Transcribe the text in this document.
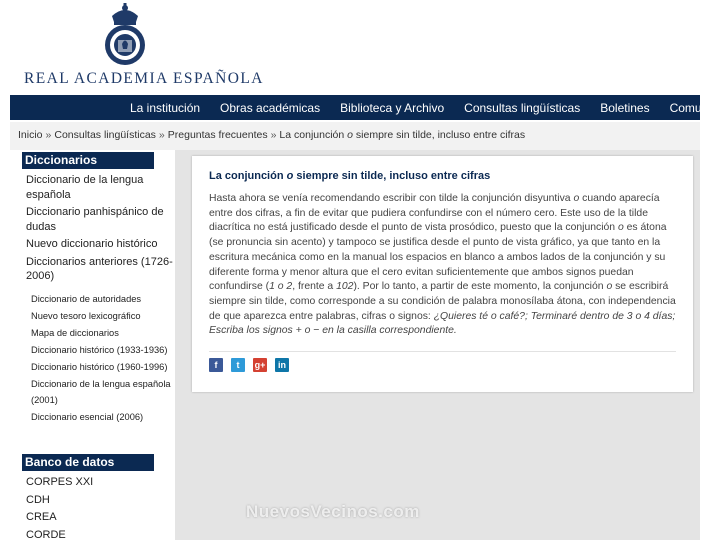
REAL ACADEMIA ESPAÑOLA
La institución	Obras académicas	Biblioteca y Archivo	Consultas lingüísticas	Boletines	Comunic
Inicio » Consultas lingüísticas » Preguntas frecuentes » La conjunción o siempre sin tilde, incluso entre cifras
Diccionarios
Diccionario de la lengua española
Diccionario panhispánico de dudas
Nuevo diccionario histórico
Diccionarios anteriores (1726-2006)
Diccionario de autoridades
Nuevo tesoro lexicográfico
Mapa de diccionarios
Diccionario histórico (1933-1936)
Diccionario histórico (1960-1996)
Diccionario de la lengua española (2001)
Diccionario esencial (2006)
Banco de datos
CORPES XXI
CDH
CREA
CORDE
La conjunción o siempre sin tilde, incluso entre cifras
Hasta ahora se venía recomendando escribir con tilde la conjunción disyuntiva o cuando aparecía entre dos cifras, a fin de evitar que pudiera confundirse con el número cero. Este uso de la tilde diacrítica no está justificado desde el punto de vista prosódico, puesto que la conjunción o es átona (se pronuncia sin acento) y tampoco se justifica desde el punto de vista gráfico, ya que tanto en la escritura mecánica como en la manual los espacios en blanco a ambos lados de la conjunción y su diferente forma y menor altura que el cero evitan suficientemente que ambos signos puedan confundirse (1 o 2, frente a 102). Por lo tanto, a partir de este momento, la conjunción o se escribirá siempre sin tilde, como corresponde a su condición de palabra monosílaba átona, con independencia de que aparezca entre palabras, cifras o signos: ¿Quieres té o café?; Terminaré dentro de 3 o 4 días; Escriba los signos + o − en la casilla correspondiente.
f	t	g+	in
NuevosVecinos.com
